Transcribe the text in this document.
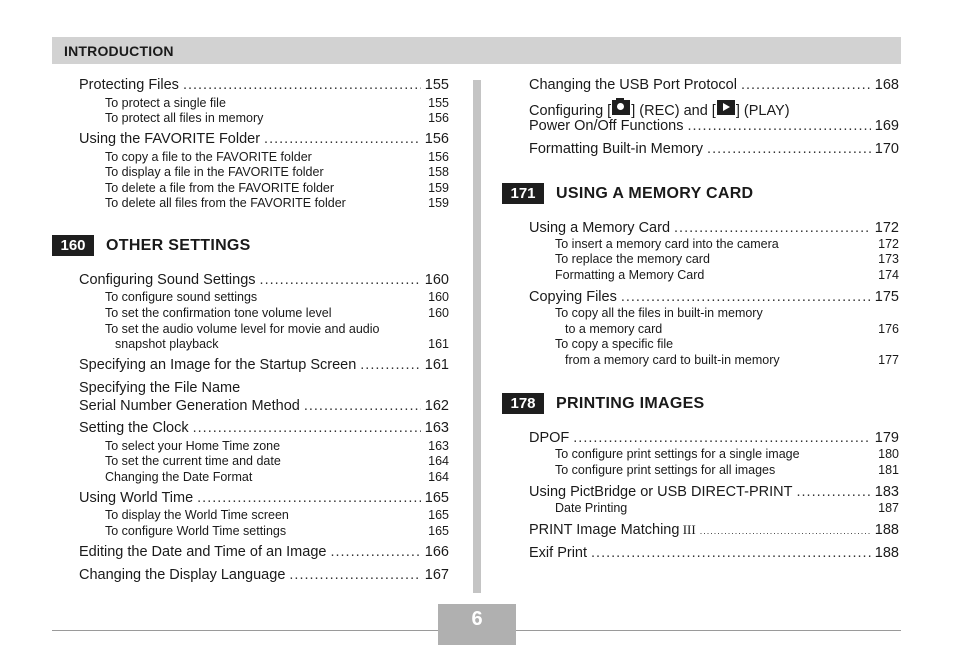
INTRODUCTION
Protecting Files .....	155
To protect a single file	155
To protect all files in memory	156
Using the FAVORITE Folder .....	156
To copy a file to the FAVORITE folder	156
To display a file in the FAVORITE folder	158
To delete a file from the FAVORITE folder	159
To delete all files from the FAVORITE folder	159
160	OTHER SETTINGS
Configuring Sound Settings .....	160
To configure sound settings	160
To set the confirmation tone volume level	160
To set the audio volume level for movie and audio
snapshot playback	161
Specifying an Image for the Startup Screen .....	161
Specifying the File Name
Serial Number Generation Method .....	162
Setting the Clock .....	163
To select your Home Time zone	163
To set the current time and date	164
Changing the Date Format	164
Using World Time .....	165
To display the World Time screen	165
To configure World Time settings	165
Editing the Date and Time of an Image .....	166
Changing the Display Language .....	167
Changing the USB Port Protocol .....	168
Configuring [ ] (REC) and [ ] (PLAY)
Power On/Off Functions .....	169
Formatting Built-in Memory .....	170
171	USING A MEMORY CARD
Using a Memory Card .....	172
To insert a memory card into the camera	172
To replace the memory card	173
Formatting a Memory Card	174
Copying Files .....	175
To copy all the files in built-in memory
to a memory card	176
To copy a specific file
from a memory card to built-in memory	177
178	PRINTING IMAGES
DPOF .....	179
To configure print settings for a single image	180
To configure print settings for all images	181
Using PictBridge or USB DIRECT-PRINT .....	183
Date Printing	187
PRINT Image Matching III .....	188
Exif Print .....	188
6
